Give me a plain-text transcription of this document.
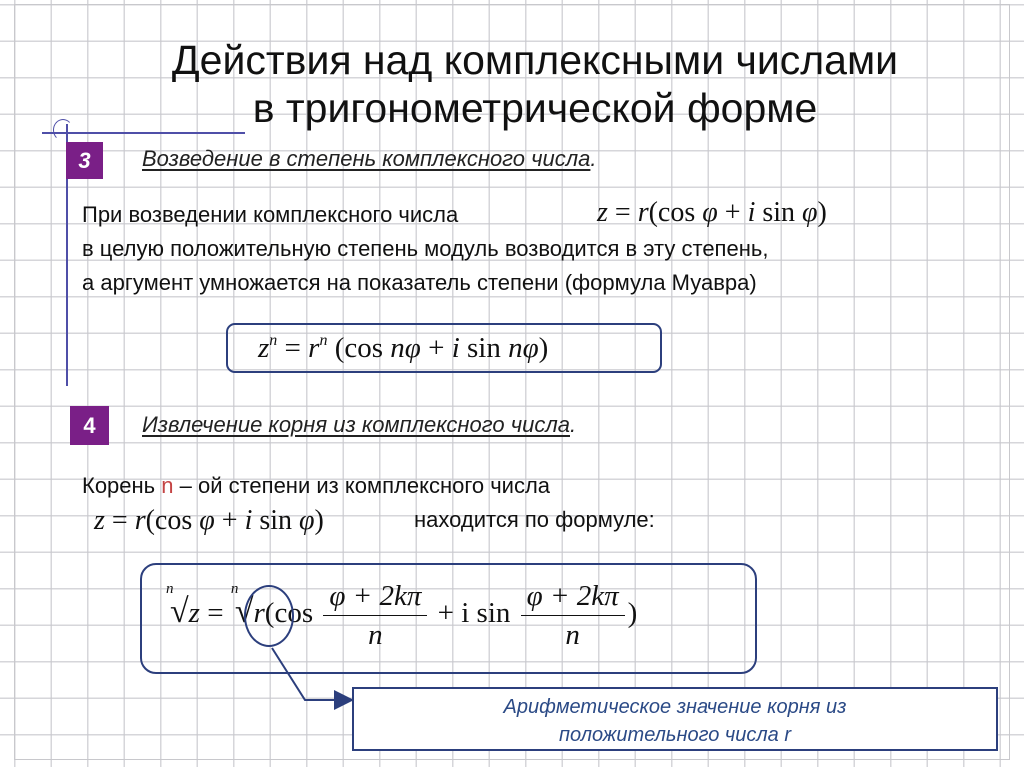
Действия над комплексными числами
в тригонометрической форме
3	Возведение в степень комплексного числа.
При возведении комплексного числа	z = r(cos φ + i sin φ)
в целую положительную степень модуль возводится в эту степень,
а аргумент умножается на показатель степени (формула Муавра)
$z^n = r^n$ (cos nφ + i sin nφ)
4	Извлечение корня из комплексного числа.
Корень n – ой степени из комплексного числа
z = r(cos φ + i sin φ)	находится по формуле:
n
√z =
n
$√r(\cos \frac{\varphi + 2k\pi}{n} + i$ $\sin \frac{\varphi + 2k\pi}{n}$ )
Арифметическое значение корня из
положительного числа r
